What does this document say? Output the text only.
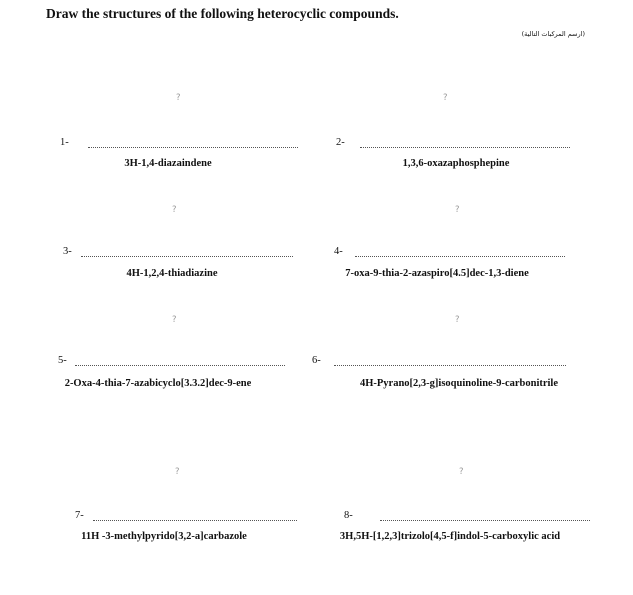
Draw the structures of the following heterocyclic compounds.
(ارسم المركبات التالية)
?
1-
3H-1,4-diazaindene
?
2-
1,3,6-oxazaphosphepine
?
3-
4H-1,2,4-thiadiazine
?
4-
7-oxa-9-thia-2-azaspiro[4.5]dec-1,3-diene
?
5-
2-Oxa-4-thia-7-azabicyclo[3.3.2]dec-9-ene
?
6-
4H-Pyrano[2,3-g]isoquinoline-9-carbonitrile
?
7-
11H -3-methylpyrido[3,2-a]carbazole
?
8-
3H,5H-[1,2,3]trizolo[4,5-f]indol-5-carboxylic acid
